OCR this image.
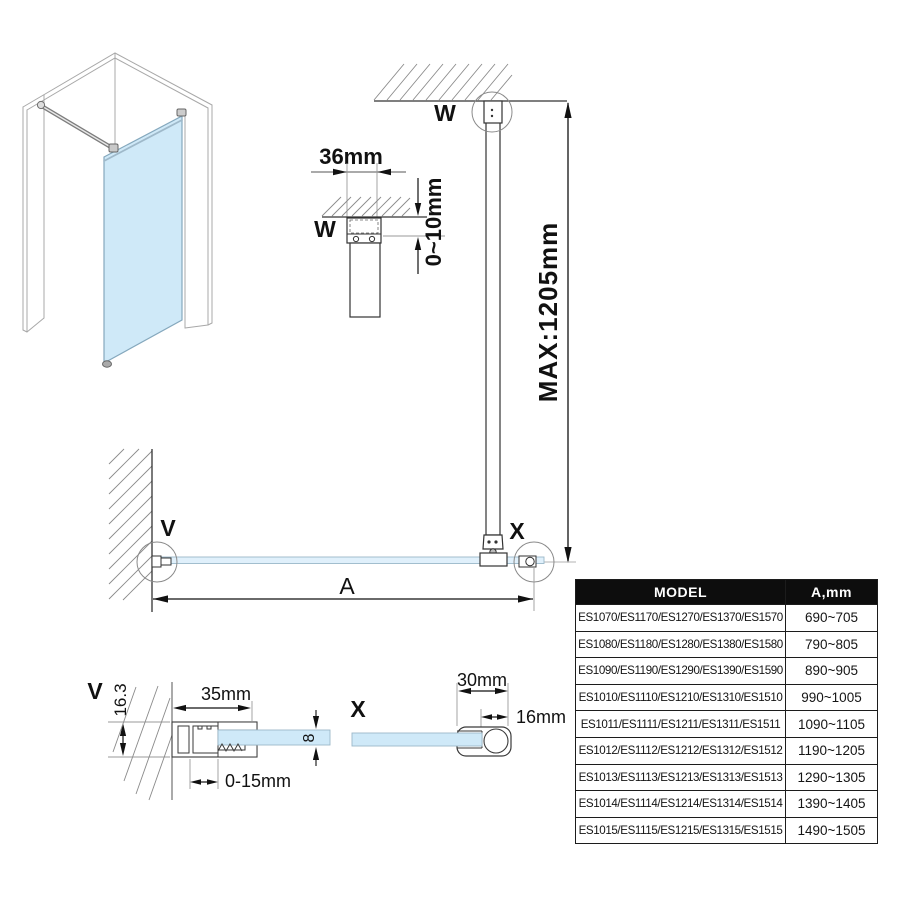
36mm
W	0~10mm
W
MAX:1205mm
V	X
A
V 16.3	35mm
8
0-15mm
X
30mm
16mm
MODEL	A,mm
ES1070/ES1170/ES1270/ES1370/ES1570	690~705
ES1080/ES1180/ES1280/ES1380/ES1580	790~805
ES1090/ES1190/ES1290/ES1390/ES1590	890~905
ES1010/ES1110/ES1210/ES1310/ES1510	990~1005
ES1011/ES1111/ES1211/ES1311/ES1511	1090~1105
ES1012/ES1112/ES1212/ES1312/ES1512	1190~1205
ES1013/ES1113/ES1213/ES1313/ES1513	1290~1305
ES1014/ES1114/ES1214/ES1314/ES1514	1390~1405
ES1015/ES1115/ES1215/ES1315/ES1515	1490~1505
